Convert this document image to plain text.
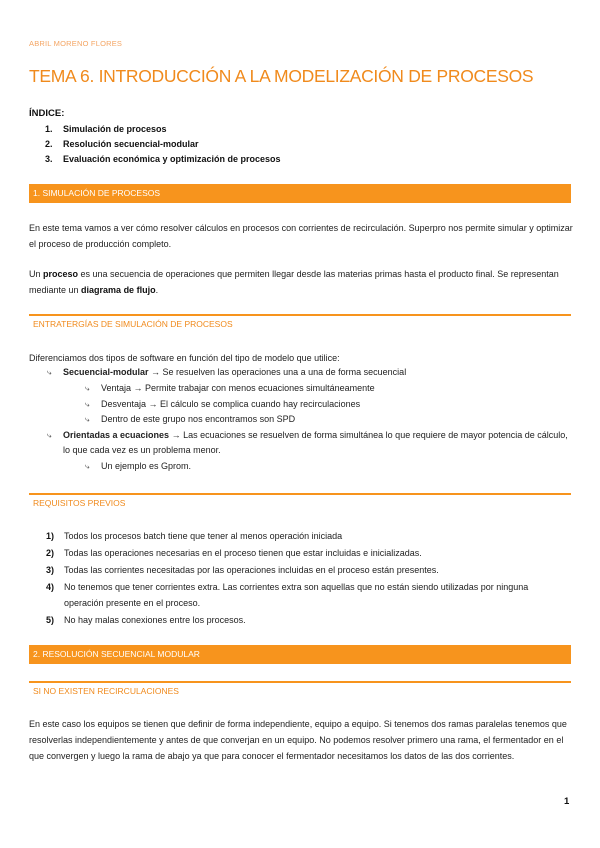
ABRIL MORENO FLORES
TEMA 6. INTRODUCCIÓN A LA MODELIZACIÓN DE PROCESOS
ÍNDICE:
1. Simulación de procesos
2. Resolución secuencial-modular
3. Evaluación económica y optimización de procesos
1. SIMULACIÓN DE PROCESOS
En este tema vamos a ver cómo resolver cálculos en procesos con corrientes de recirculación. Superpro nos permite simular y optimizar el proceso de producción completo.
Un proceso es una secuencia de operaciones que permiten llegar desde las materias primas hasta el producto final. Se representan mediante un diagrama de flujo.
ENTRATERGÍAS DE SIMULACIÓN DE PROCESOS
Diferenciamos dos tipos de software en función del tipo de modelo que utilice:
⤷ Secuencial-modular → Se resuelven las operaciones una a una de forma secuencial
⤷ Ventaja → Permite trabajar con menos ecuaciones simultáneamente
⤷ Desventaja → El cálculo se complica cuando hay recirculaciones
⤷ Dentro de este grupo nos encontramos son SPD
⤷ Orientadas a ecuaciones → Las ecuaciones se resuelven de forma simultánea lo que requiere de mayor potencia de cálculo, lo que cada vez es un problema menor.
⤷ Un ejemplo es Gprom.
REQUISITOS PREVIOS
1) Todos los procesos batch tiene que tener al menos operación iniciada
2) Todas las operaciones necesarias en el proceso tienen que estar incluidas e inicializadas.
3) Todas las corrientes necesitadas por las operaciones incluidas en el proceso están presentes.
4) No tenemos que tener corrientes extra. Las corrientes extra son aquellas que no están siendo utilizadas por ninguna operación presente en el proceso.
5) No hay malas conexiones entre los procesos.
2. RESOLUCIÓN SECUENCIAL MODULAR
SI NO EXISTEN RECIRCULACIONES
En este caso los equipos se tienen que definir de forma independiente, equipo a equipo. Si tenemos dos ramas paralelas tenemos que resolverlas independientemente y antes de que converjan en un equipo. No podemos resolver primero una rama, el fermentador en el que convergen y luego la rama de abajo ya que para conocer el fermentador necesitamos los datos de las dos corrientes.
1
